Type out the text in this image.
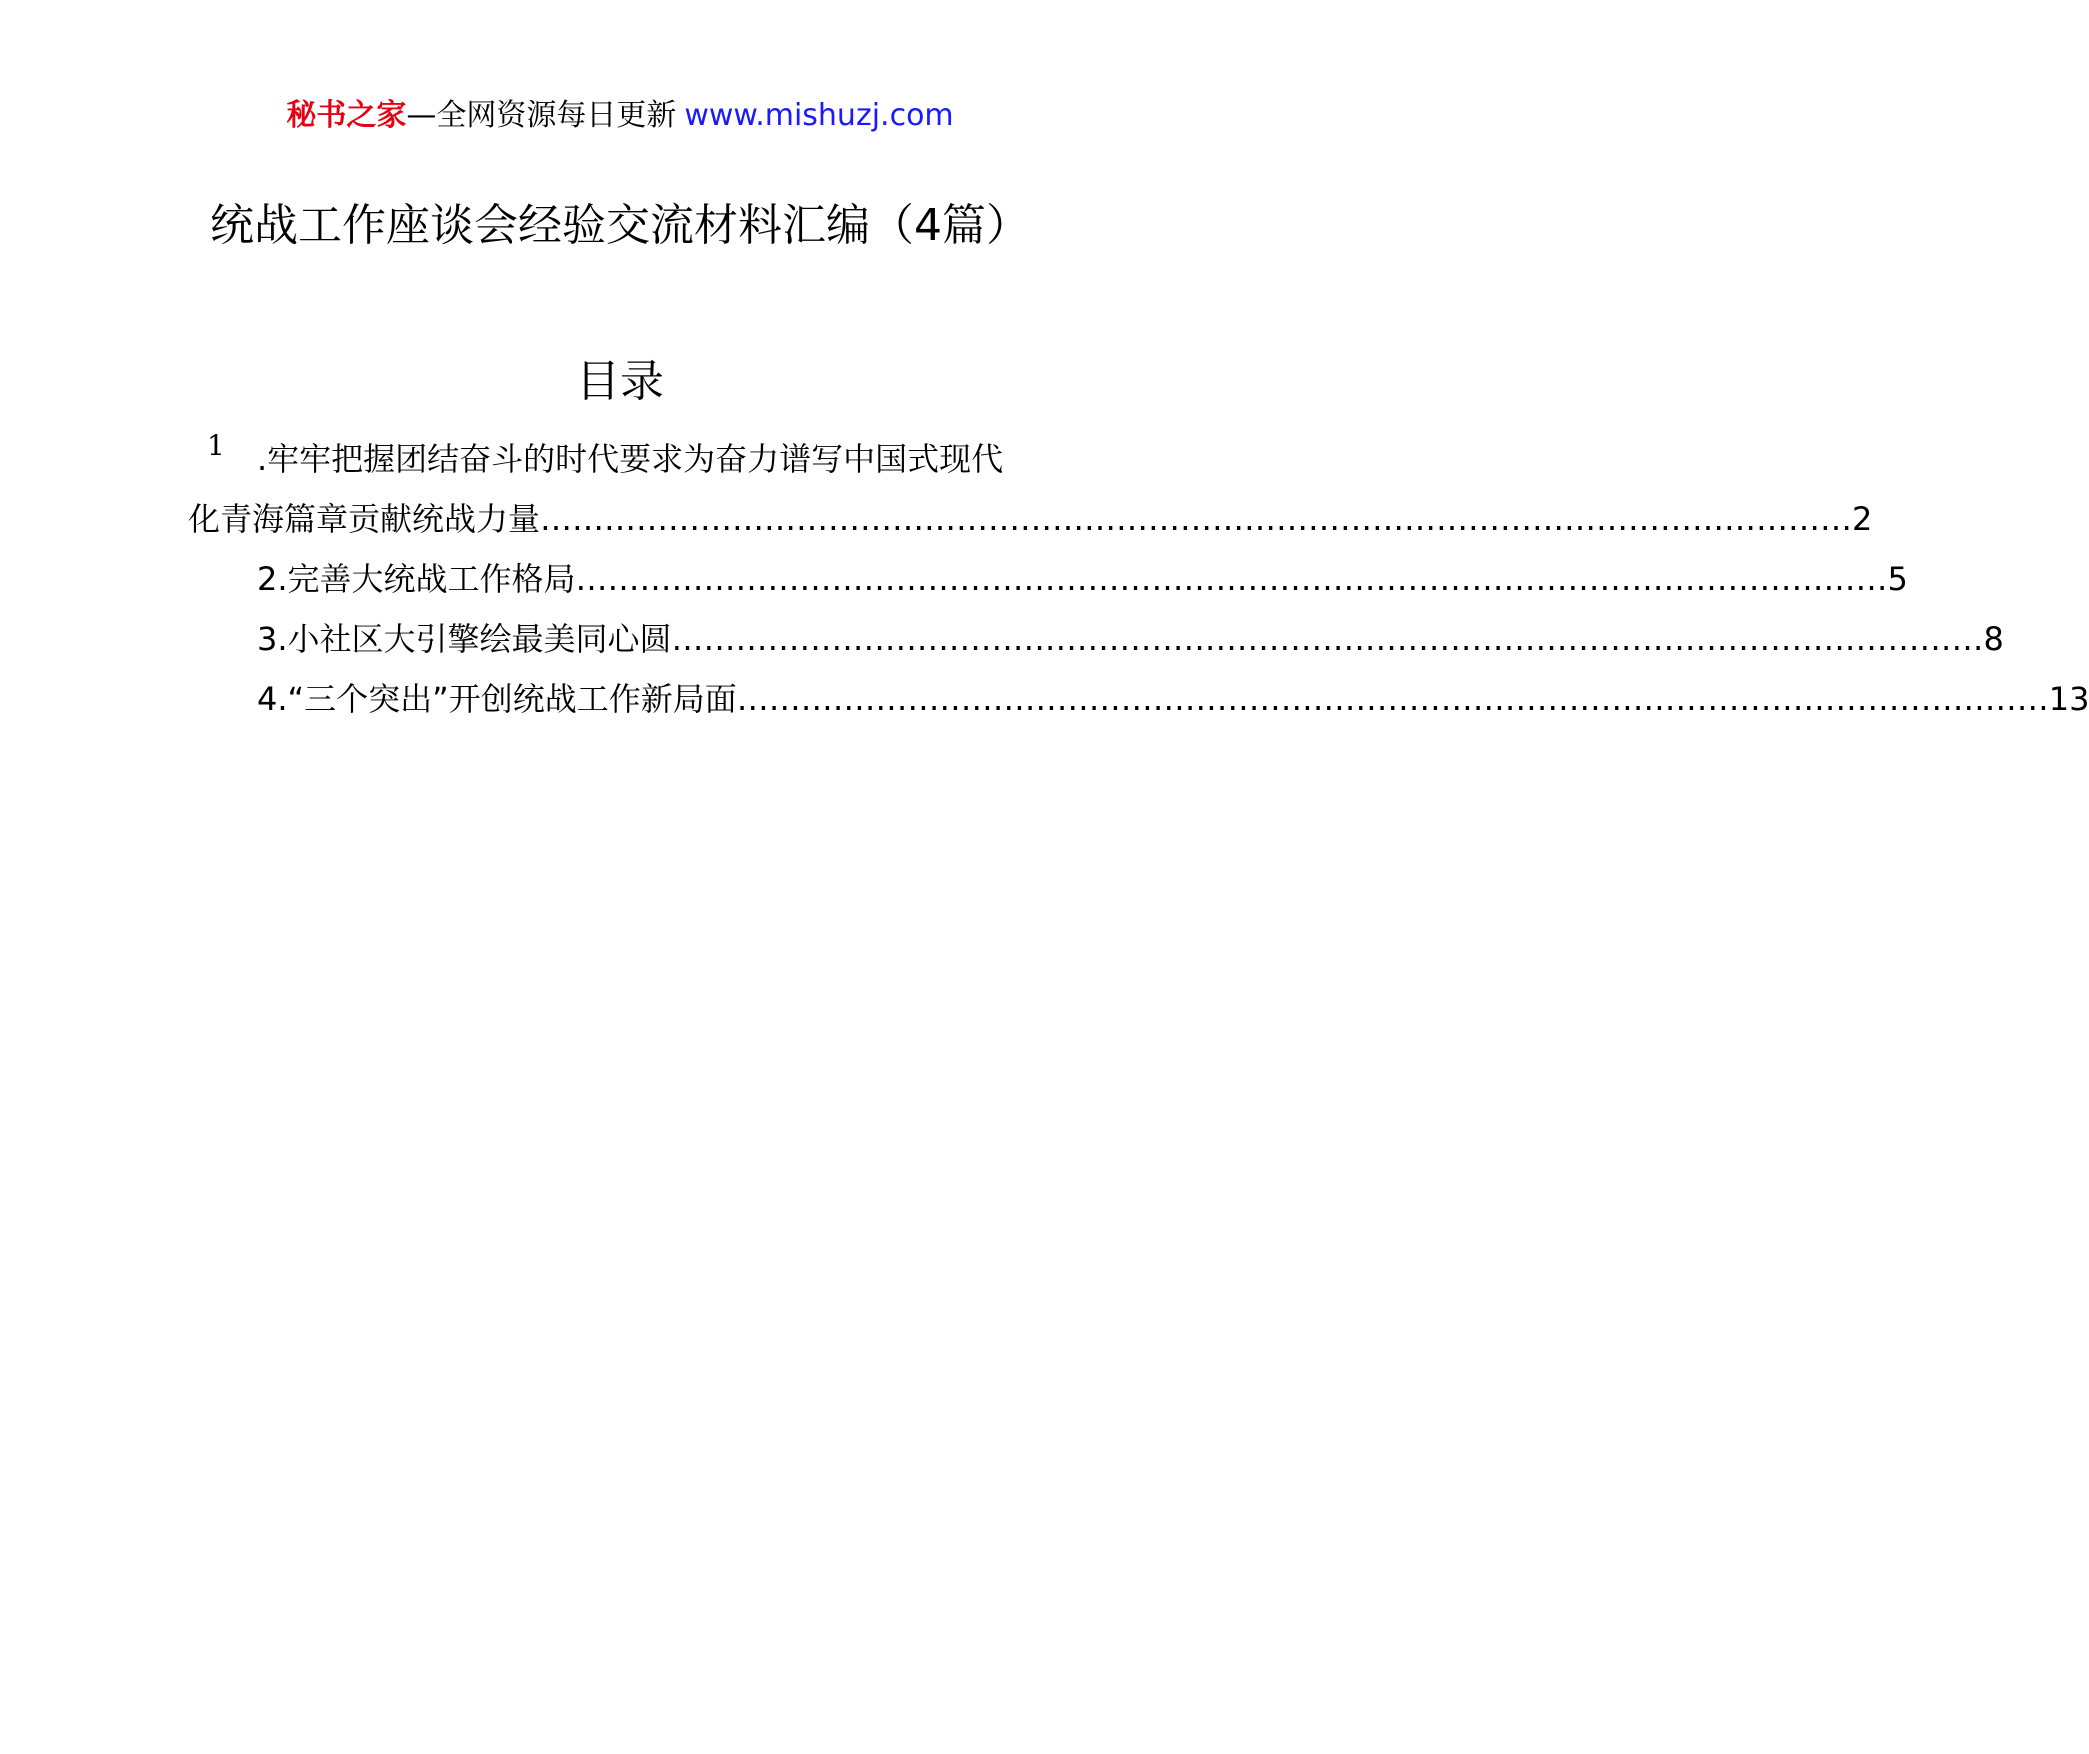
秘书之家—全网资源每日更新 www.mishuzj.com
统战工作座谈会经验交流材料汇编（4篇）
目录
1 .牢牢把握团结奋斗的时代要求为奋力谱写中国式现代
化青海篇章贡献统战力量 …………………………………………………………………………………………………………… 2
2.完善大统战工作格局 …………………………………………………………………………………………………………… 5
3.小社区大引擎绘最美同心圆 …………………………………………………………………………………………………………… 8
4.“三个突出”开创统战工作新局面 …………………………………………………………………………………………………………… 13
